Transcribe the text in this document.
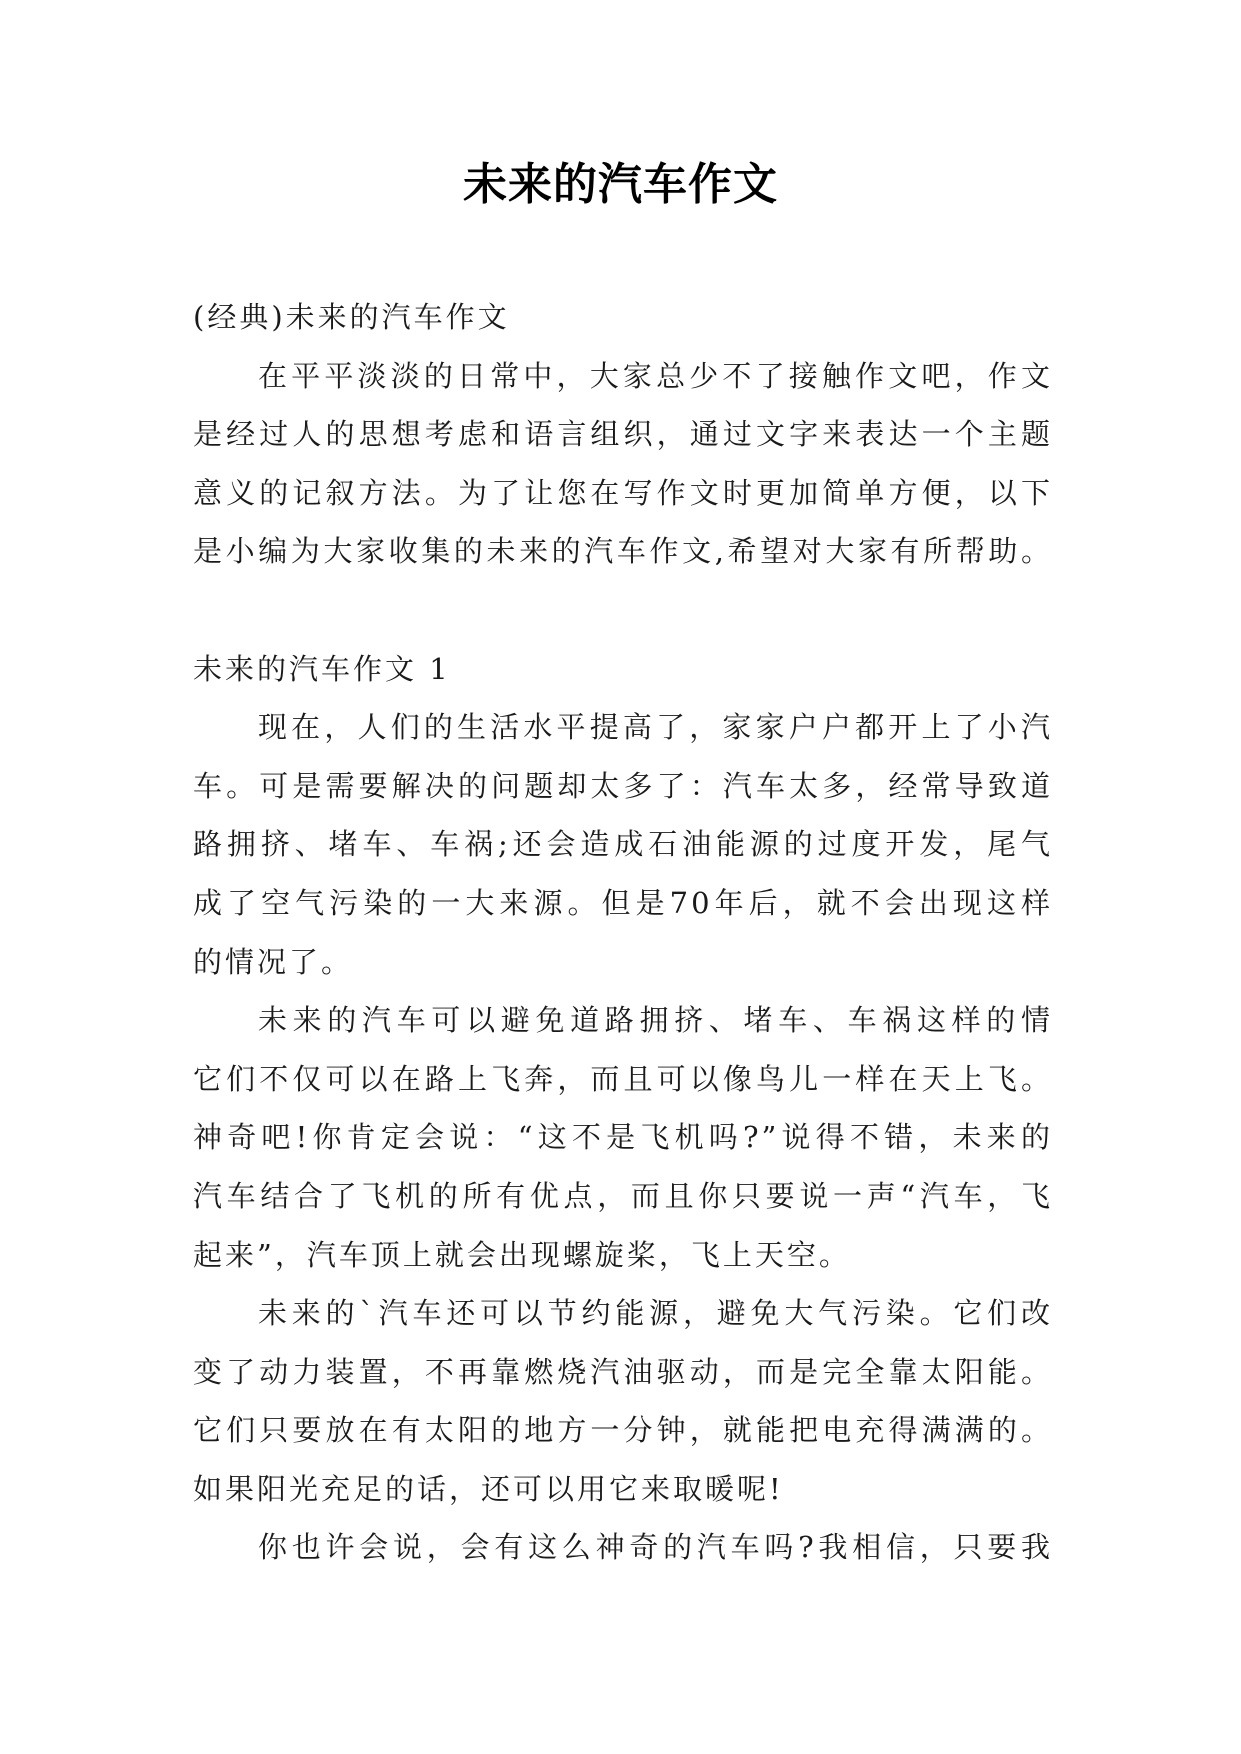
未来的汽车作文
(经典)未来的汽车作文
在平平淡淡的日常中，大家总少不了接触作文吧，作文
是经过人的思想考虑和语言组织，通过文字来表达一个主题
意义的记叙方法。为了让您在写作文时更加简单方便，以下
是小编为大家收集的未来的汽车作文,希望对大家有所帮助。
未来的汽车作文 1
现在，人们的生活水平提高了，家家户户都开上了小汽
车。可是需要解决的问题却太多了：汽车太多，经常导致道
路拥挤、堵车、车祸;还会造成石油能源的过度开发，尾气
成了空气污染的一大来源。但是70年后，就不会出现这样
的情况了。
未来的汽车可以避免道路拥挤、堵车、车祸这样的情
它们不仅可以在路上飞奔，而且可以像鸟儿一样在天上飞。
神奇吧!你肯定会说：“这不是飞机吗?”说得不错，未来的
汽车结合了飞机的所有优点，而且你只要说一声“汽车，飞
起来”，汽车顶上就会出现螺旋桨，飞上天空。
未来的`汽车还可以节约能源，避免大气污染。它们改
变了动力装置，不再靠燃烧汽油驱动，而是完全靠太阳能。
它们只要放在有太阳的地方一分钟，就能把电充得满满的。
如果阳光充足的话，还可以用它来取暖呢!
你也许会说，会有这么神奇的汽车吗?我相信，只要我
